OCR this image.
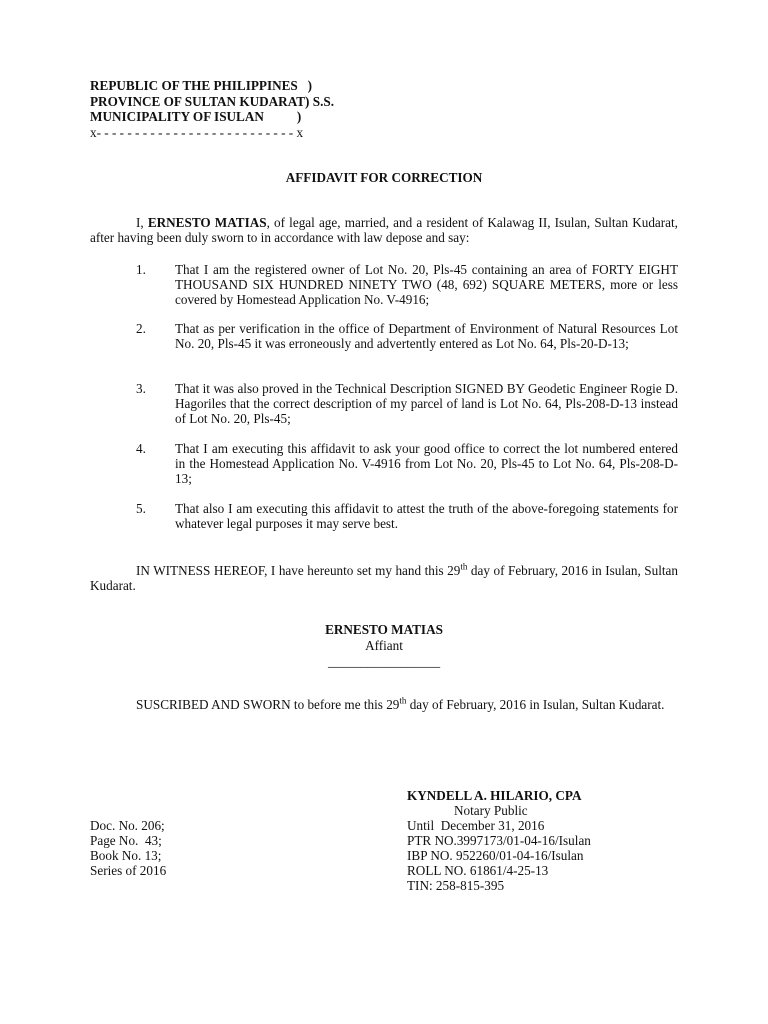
REPUBLIC OF THE PHILIPPINES   )
PROVINCE OF SULTAN KUDARAT) S.S.
MUNICIPALITY OF ISULAN          )
x- - - - - - - - - - - - - - - - - - - - - - - - - - x
AFFIDAVIT FOR CORRECTION
I, ERNESTO MATIAS, of legal age, married, and a resident of Kalawag II, Isulan, Sultan Kudarat, after having been duly sworn to in accordance with law depose and say:
1. That I am the registered owner of Lot No. 20, Pls-45 containing an area of FORTY EIGHT THOUSAND SIX HUNDRED NINETY TWO (48, 692) SQUARE METERS, more or less covered by Homestead Application No. V-4916;
2. That as per verification in the office of Department of Environment of Natural Resources Lot No. 20, Pls-45 it was erroneously and advertently entered as Lot No. 64, Pls-20-D-13;
3. That it was also proved in the Technical Description SIGNED BY Geodetic Engineer Rogie D. Hagoriles that the correct description of my parcel of land is Lot No. 64, Pls-208-D-13 instead of Lot No. 20, Pls-45;
4. That I am executing this affidavit to ask your good office to correct the lot numbered entered in the Homestead Application No. V-4916 from Lot No. 20, Pls-45 to Lot No. 64, Pls-208-D-13;
5. That also I am executing this affidavit to attest the truth of the above-foregoing statements for whatever legal purposes it may serve best.
IN WITNESS HEREOF, I have hereunto set my hand this 29th day of February, 2016 in Isulan, Sultan Kudarat.
ERNESTO MATIAS
Affiant
_________________
SUSCRIBED AND SWORN to before me this 29th day of February, 2016 in Isulan, Sultan Kudarat.
KYNDELL A. HILARIO, CPA
Notary Public
Until  December 31, 2016
PTR NO.3997173/01-04-16/Isulan
IBP NO. 952260/01-04-16/Isulan
ROLL NO. 61861/4-25-13
TIN: 258-815-395
Doc. No. 206;
Page No.  43;
Book No. 13;
Series of 2016
